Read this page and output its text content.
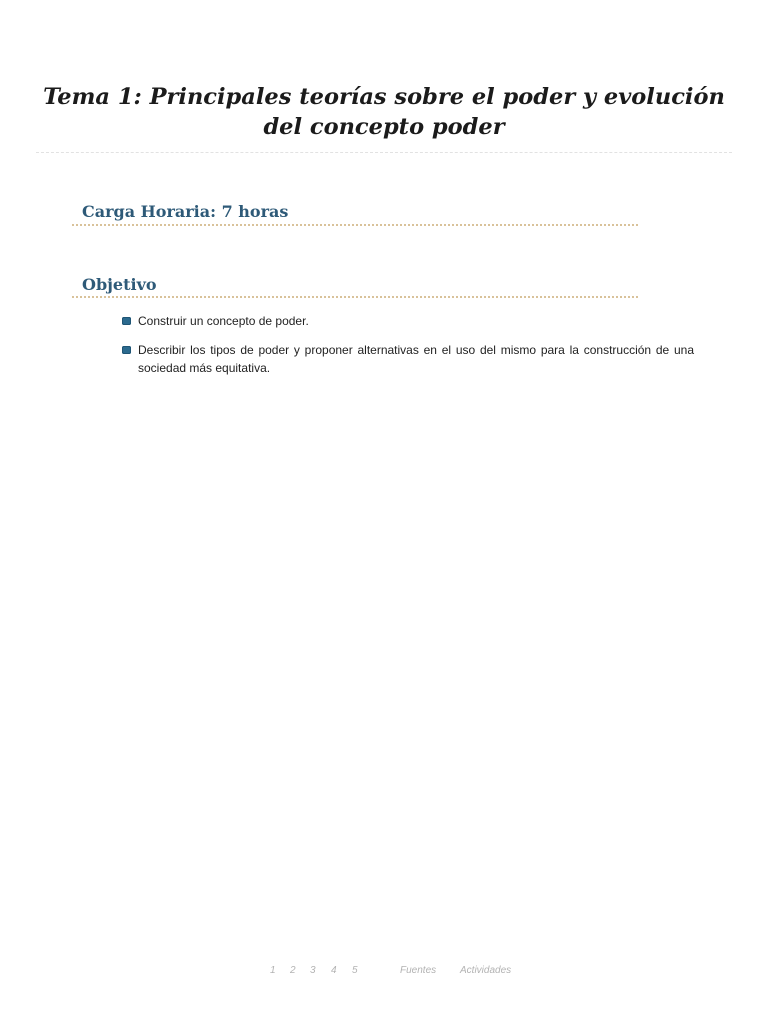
Tema 1: Principales teorías sobre el poder y evolución del concepto poder
Carga Horaria: 7 horas
Objetivo
Construir un concepto de poder.
Describir los tipos de poder y proponer alternativas en el uso del mismo para la construcción de una sociedad más equitativa.
1 2 3 4 5	Fuentes Actividades
